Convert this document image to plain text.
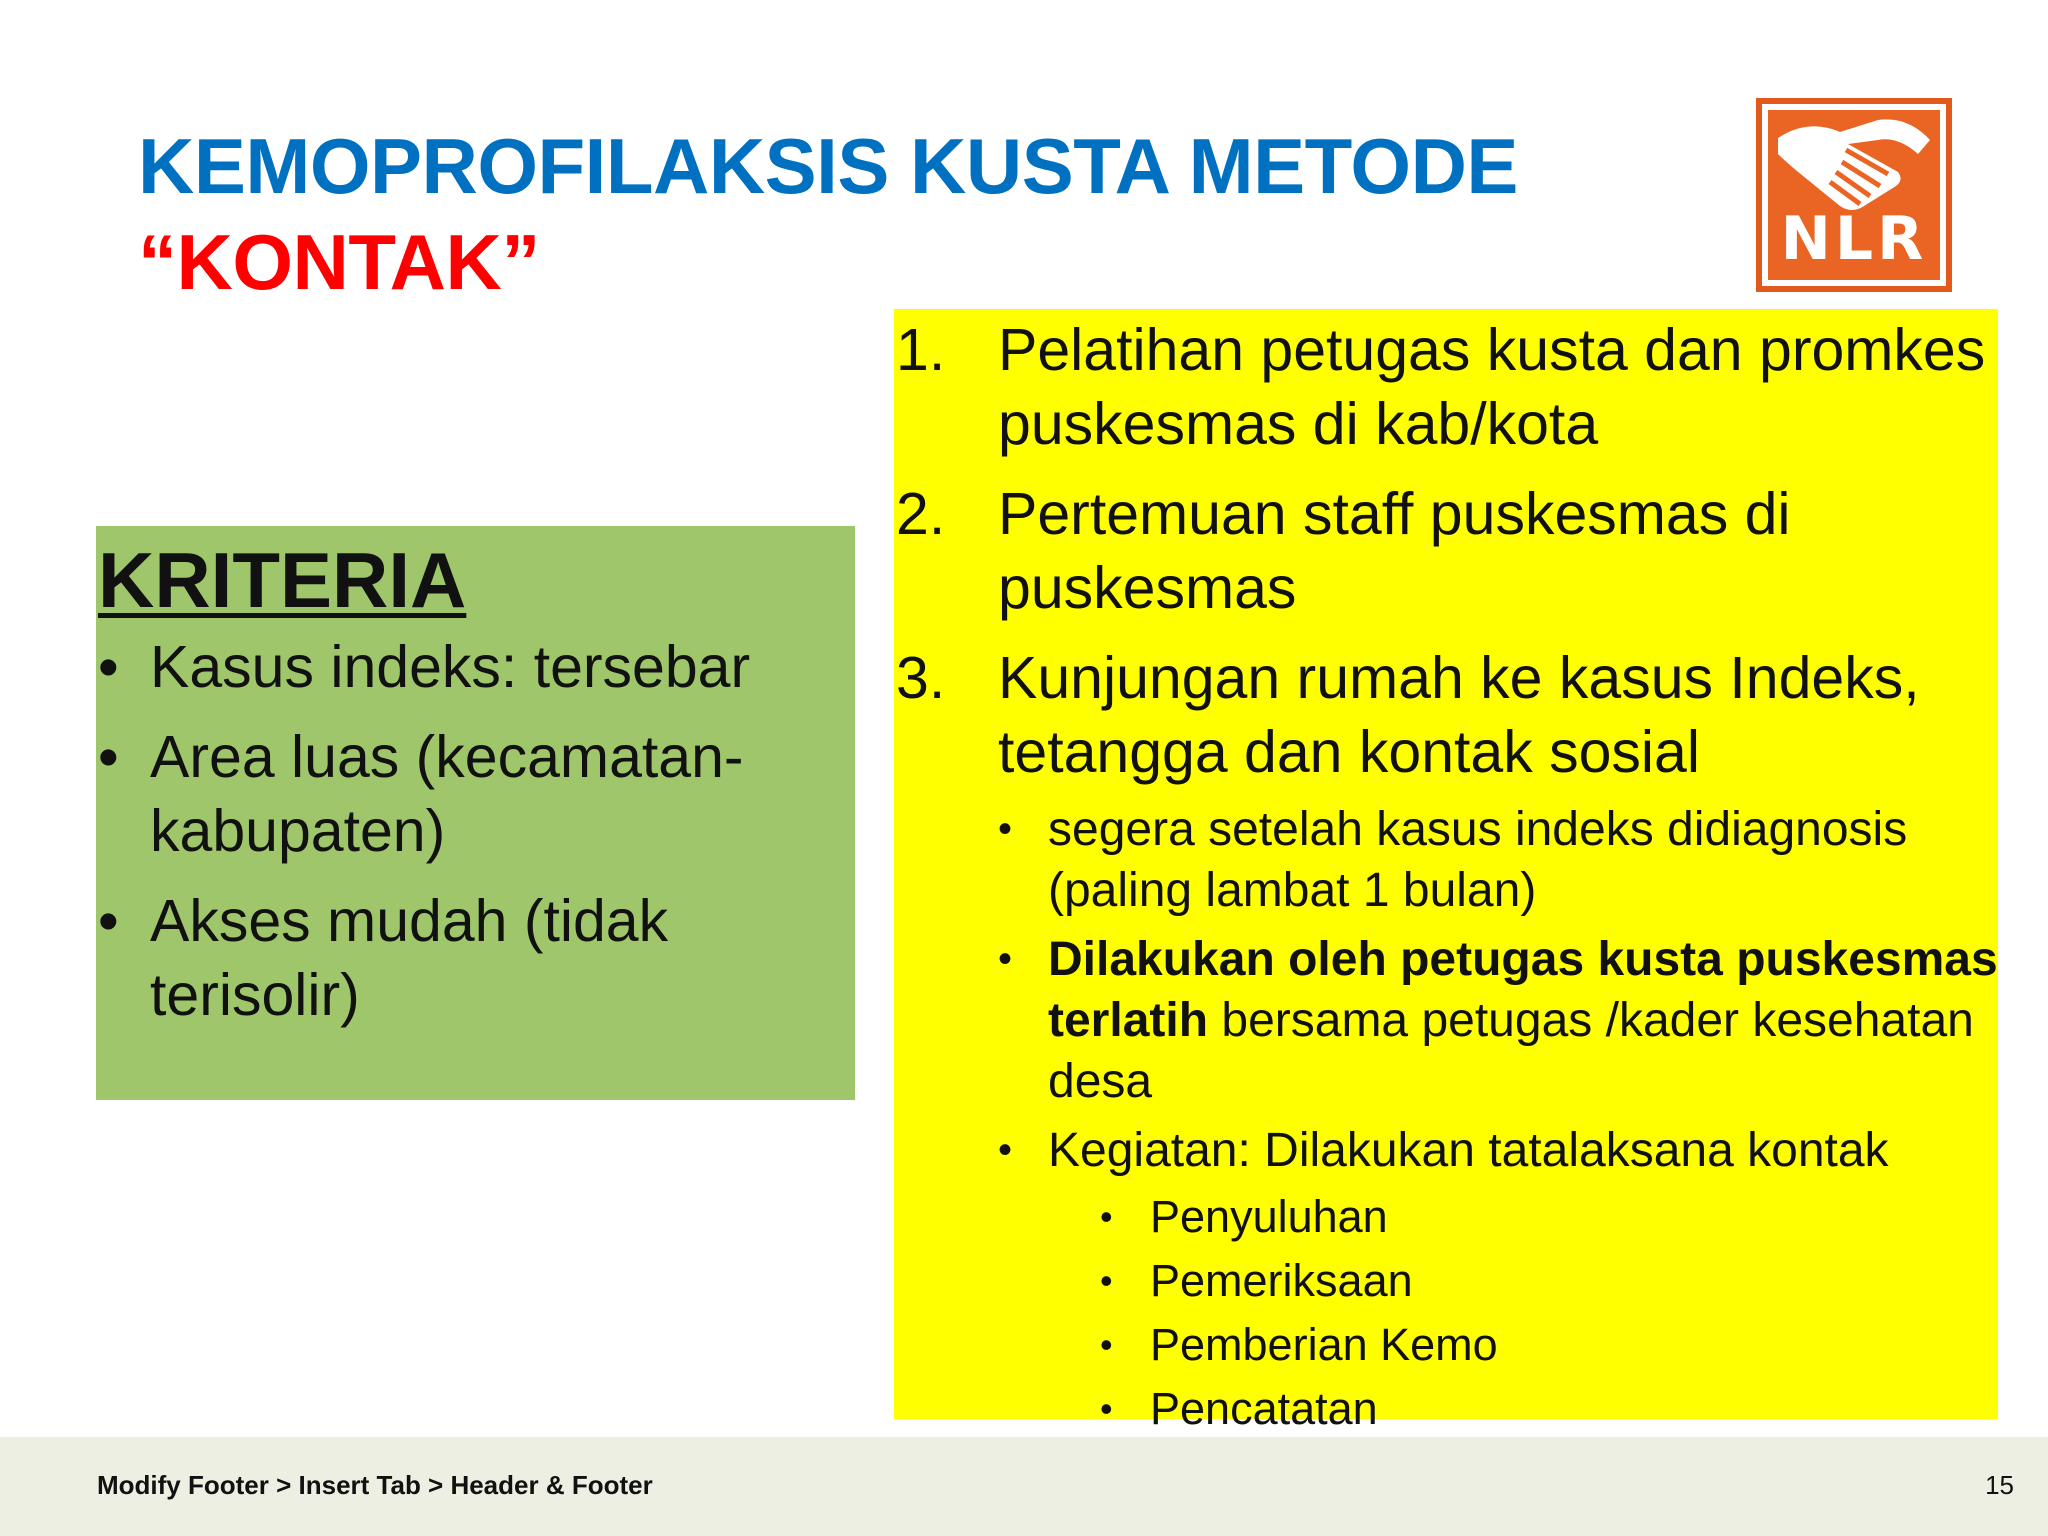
KEMOPROFILAKSIS KUSTA METODE
“KONTAK”	NLR
KRITERIA
• Kasus indeks: tersebar
• Area luas (kecamatan-kabupaten)
• Akses mudah (tidak terisolir)
1. Pelatihan petugas kusta dan promkes puskesmas di kab/kota
2. Pertemuan staff puskesmas di puskesmas
3. Kunjungan rumah ke kasus Indeks, tetangga dan kontak sosial
• segera setelah kasus indeks didiagnosis (paling lambat 1 bulan)
• Dilakukan oleh petugas kusta puskesmas terlatih bersama petugas /kader kesehatan desa
• Kegiatan: Dilakukan tatalaksana kontak
• Penyuluhan
• Pemeriksaan
• Pemberian Kemo
• Pencatatan
Modify Footer > Insert Tab > Header & Footer	15
